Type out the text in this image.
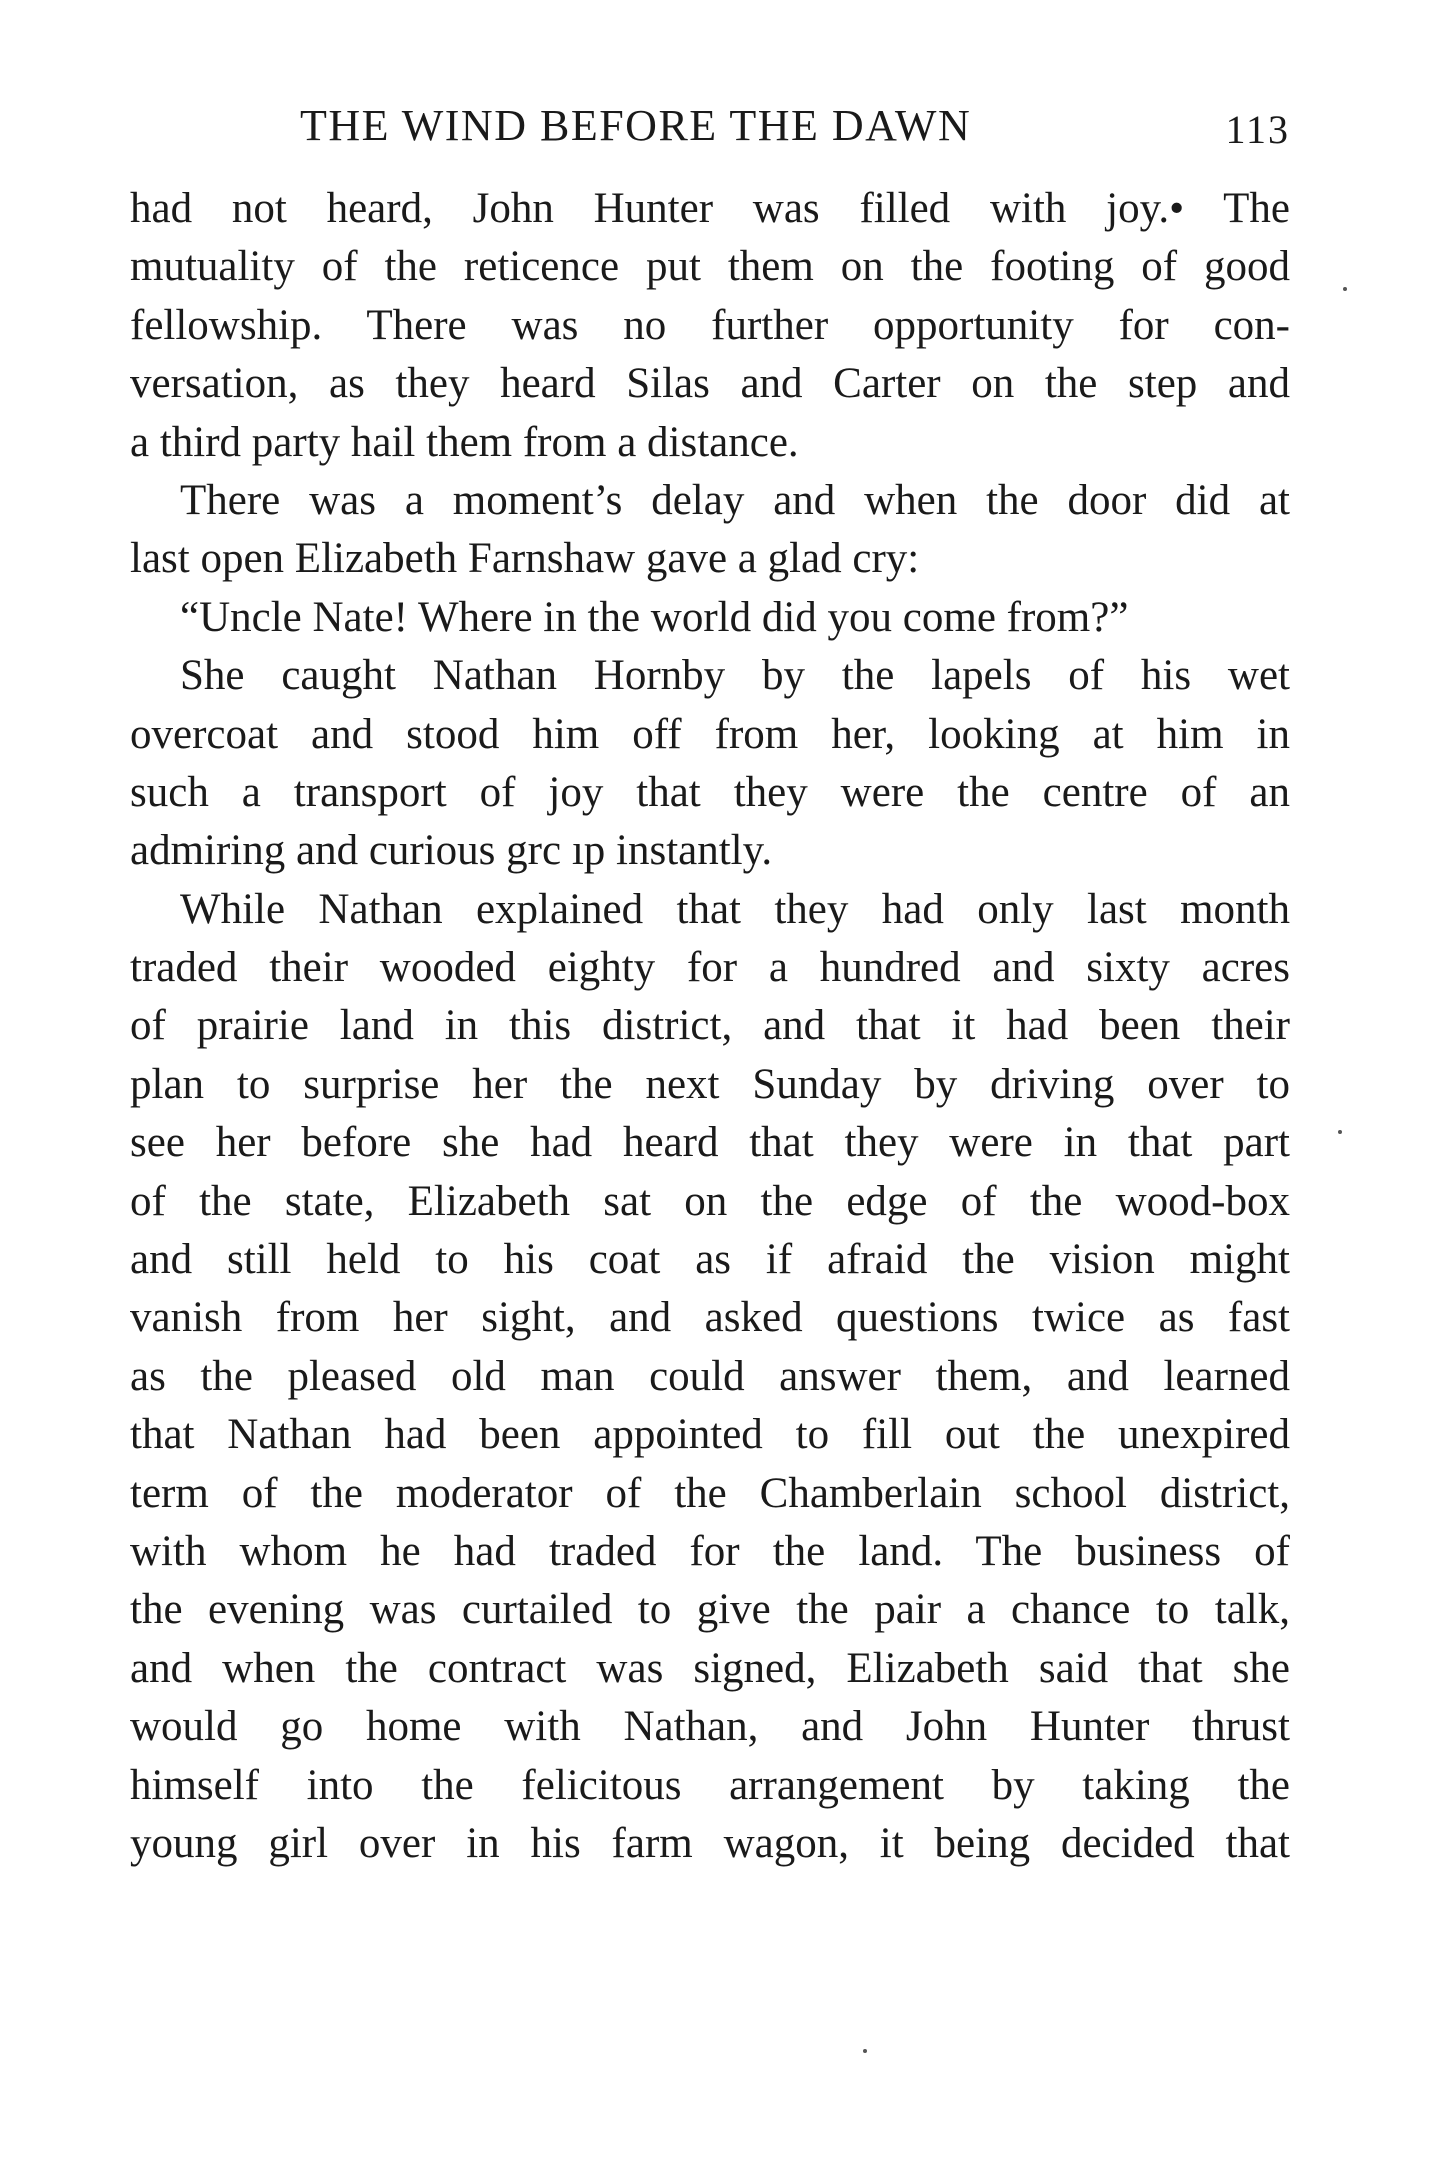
THE WIND BEFORE THE DAWN	113
had not heard, John Hunter was filled with joy.• The
mutuality of the reticence put them on the footing of good
fellowship. There was no further opportunity for con-
versation, as they heard Silas and Carter on the step and
a third party hail them from a distance.
There was a moment’s delay and when the door did at
last open Elizabeth Farnshaw gave a glad cry:
“Uncle Nate! Where in the world did you come from?”
She caught Nathan Hornby by the lapels of his wet
overcoat and stood him off from her, looking at him in
such a transport of joy that they were the centre of an
admiring and curious grc ıp instantly.
While Nathan explained that they had only last month
traded their wooded eighty for a hundred and sixty acres
of prairie land in this district, and that it had been their
plan to surprise her the next Sunday by driving over to
see her before she had heard that they were in that part
of the state, Elizabeth sat on the edge of the wood-box
and still held to his coat as if afraid the vision might
vanish from her sight, and asked questions twice as fast
as the pleased old man could answer them, and learned
that Nathan had been appointed to fill out the unexpired
term of the moderator of the Chamberlain school district,
with whom he had traded for the land. The business of
the evening was curtailed to give the pair a chance to talk,
and when the contract was signed, Elizabeth said that she
would go home with Nathan, and John Hunter thrust
himself into the felicitous arrangement by taking the
young girl over in his farm wagon, it being decided that
